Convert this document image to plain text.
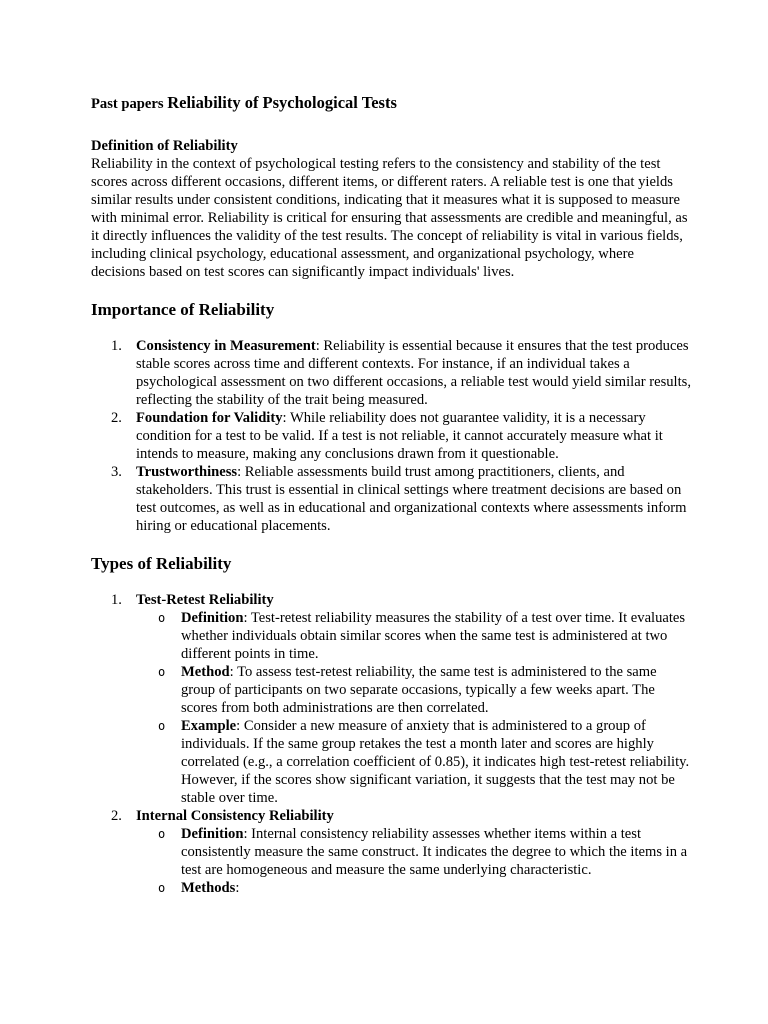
Past papers Reliability of Psychological Tests

Definition of Reliability

Reliability in the context of psychological testing refers to the consistency and stability of the test scores across different occasions, different items, or different raters. A reliable test is one that yields similar results under consistent conditions, indicating that it measures what it is supposed to measure with minimal error. Reliability is critical for ensuring that assessments are credible and meaningful, as it directly influences the validity of the test results. The concept of reliability is vital in various fields, including clinical psychology, educational assessment, and organizational psychology, where decisions based on test scores can significantly impact individuals' lives.

Importance of Reliability
1. Consistency in Measurement: Reliability is essential because it ensures that the test produces stable scores across time and different contexts. For instance, if an individual takes a psychological assessment on two different occasions, a reliable test would yield similar results, reflecting the stability of the trait being measured.
2. Foundation for Validity: While reliability does not guarantee validity, it is a necessary condition for a test to be valid. If a test is not reliable, it cannot accurately measure what it intends to measure, making any conclusions drawn from it questionable.
3. Trustworthiness: Reliable assessments build trust among practitioners, clients, and stakeholders. This trust is essential in clinical settings where treatment decisions are based on test outcomes, as well as in educational and organizational contexts where assessments inform hiring or educational placements.
Types of Reliability
1. Test-Retest Reliability
o Definition: Test-retest reliability measures the stability of a test over time. It evaluates whether individuals obtain similar scores when the same test is administered at two different points in time.
o Method: To assess test-retest reliability, the same test is administered to the same group of participants on two separate occasions, typically a few weeks apart. The scores from both administrations are then correlated.
o Example: Consider a new measure of anxiety that is administered to a group of individuals. If the same group retakes the test a month later and scores are highly correlated (e.g., a correlation coefficient of 0.85), it indicates high test-retest reliability. However, if the scores show significant variation, it suggests that the test may not be stable over time.
2. Internal Consistency Reliability
o Definition: Internal consistency reliability assesses whether items within a test consistently measure the same construct. It indicates the degree to which the items in a test are homogeneous and measure the same underlying characteristic.
o Methods:
